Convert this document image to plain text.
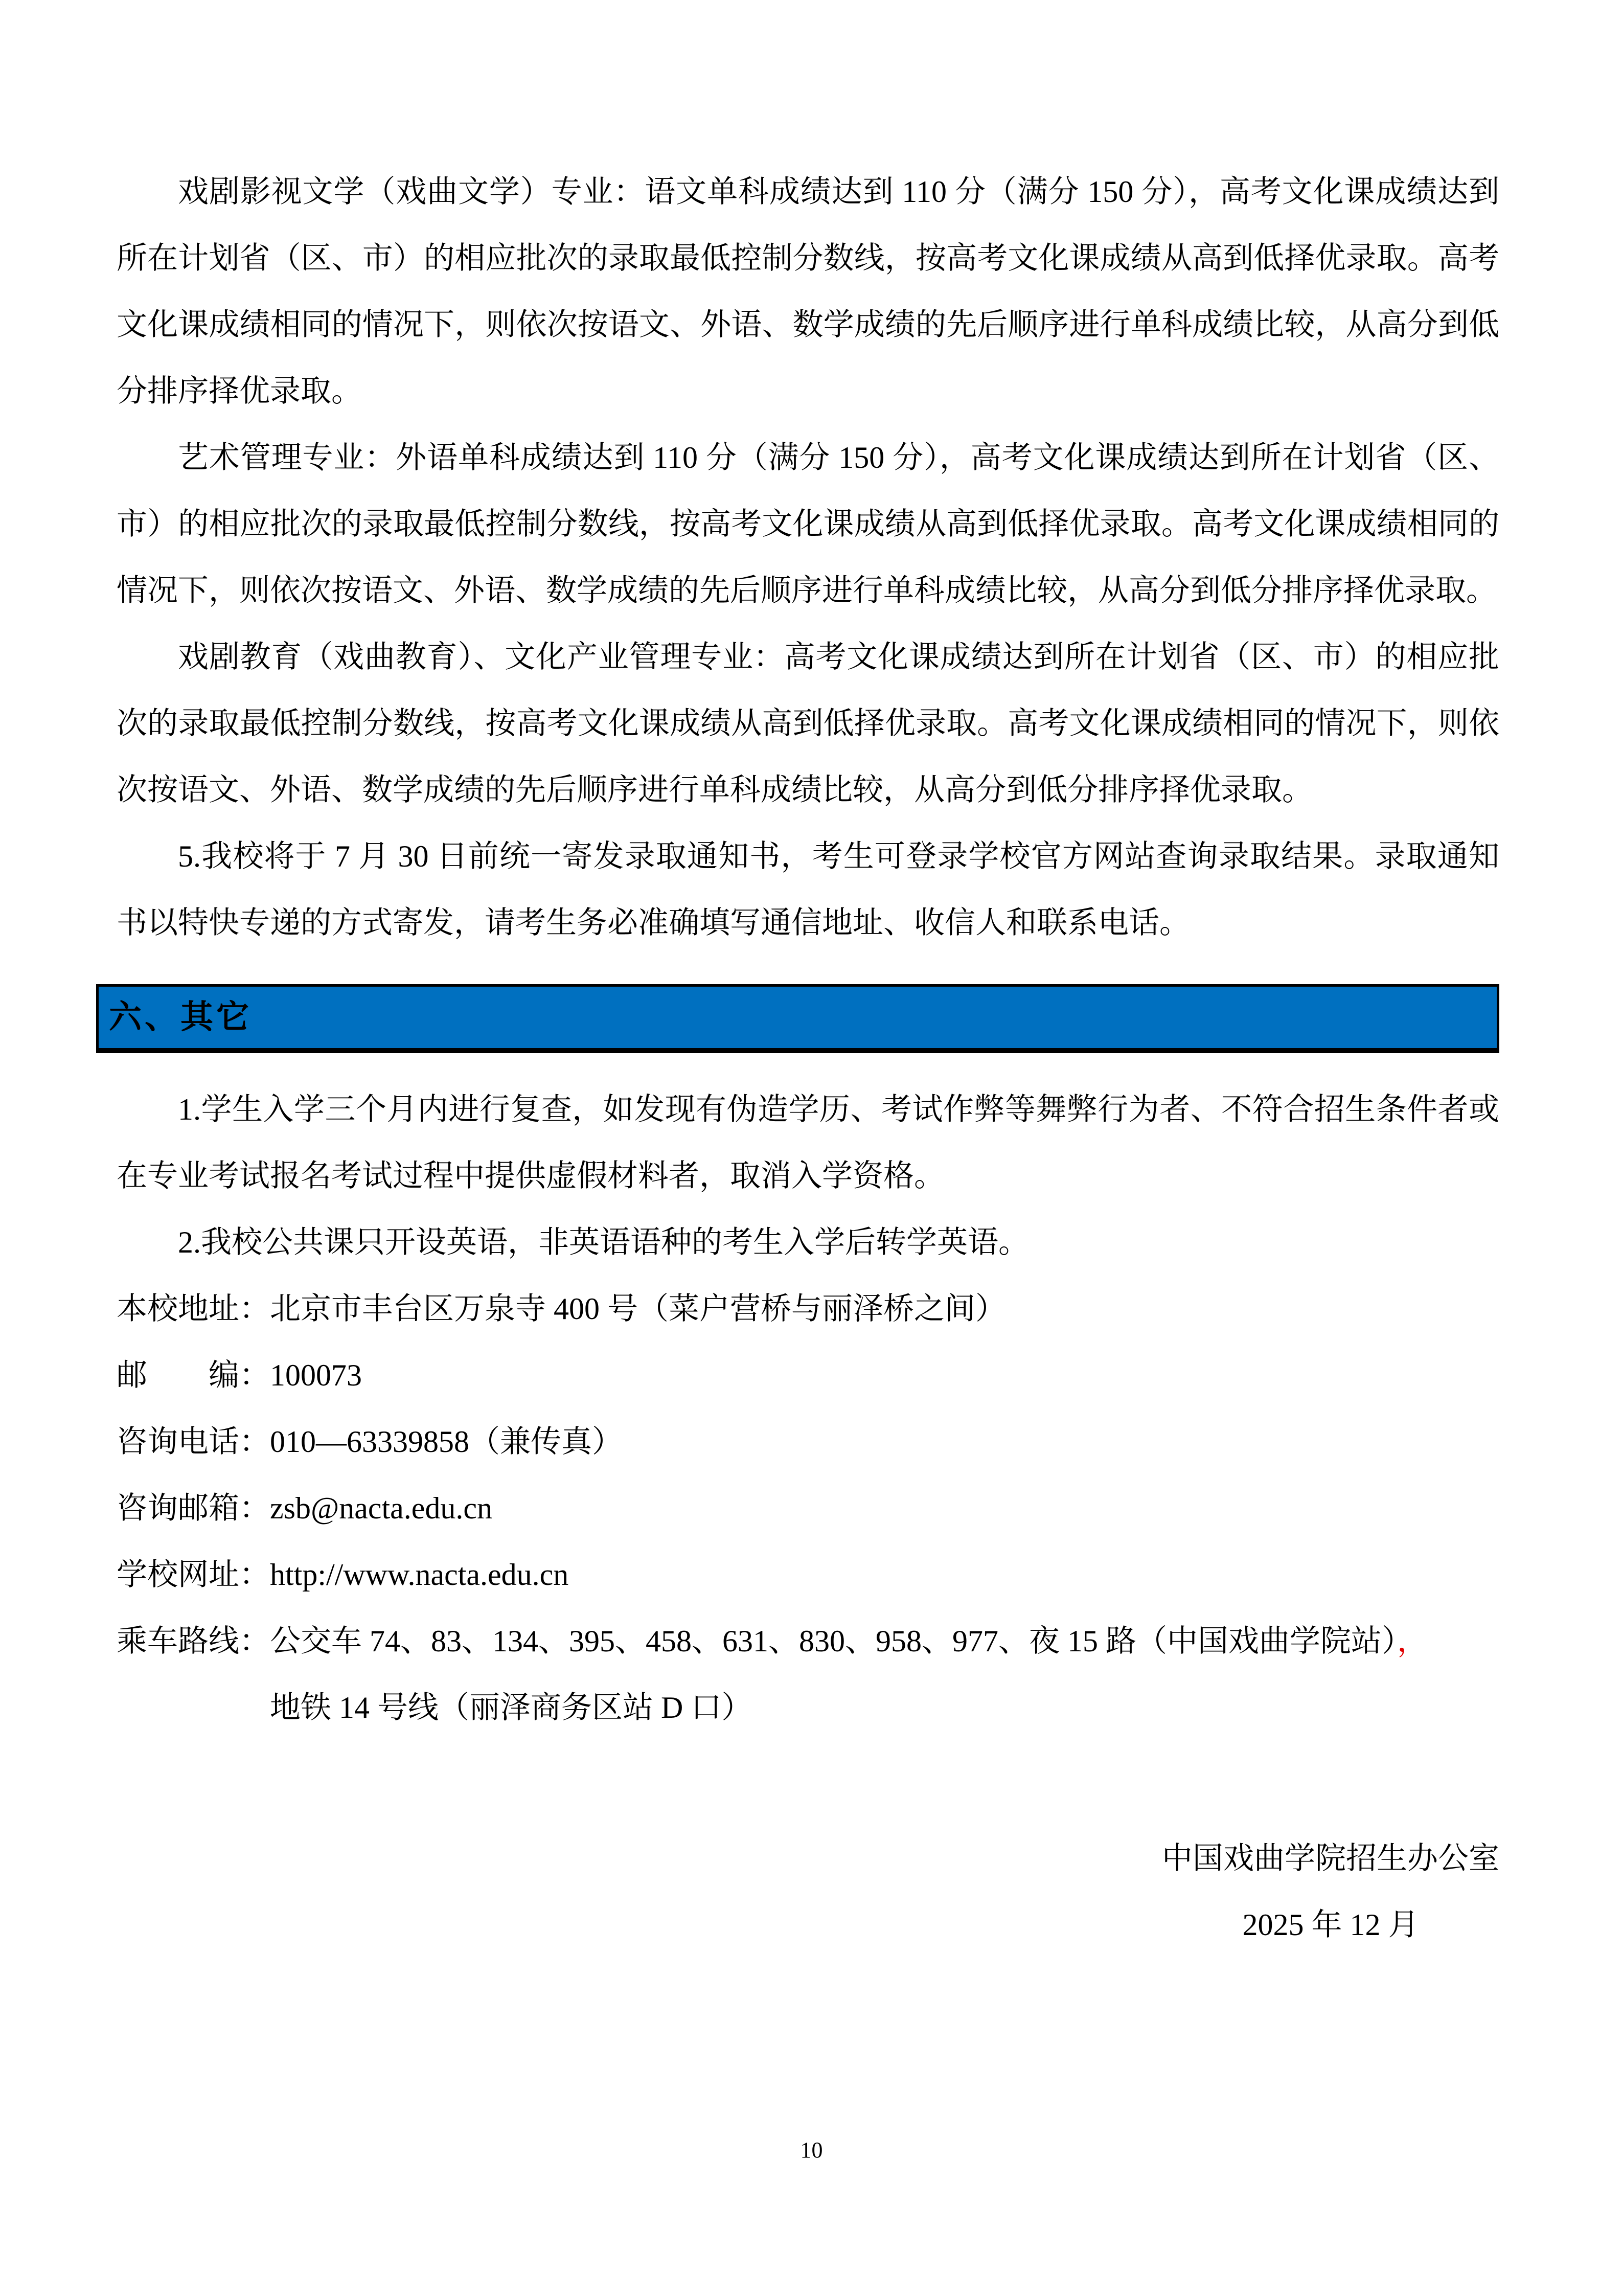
戏剧影视文学（戏曲文学）专业：语文单科成绩达到 110 分（满分 150 分），高考文化课成绩达到所在计划省（区、市）的相应批次的录取最低控制分数线，按高考文化课成绩从高到低择优录取。高考文化课成绩相同的情况下，则依次按语文、外语、数学成绩的先后顺序进行单科成绩比较，从高分到低分排序择优录取。

艺术管理专业：外语单科成绩达到 110 分（满分 150 分），高考文化课成绩达到所在计划省（区、市）的相应批次的录取最低控制分数线，按高考文化课成绩从高到低择优录取。高考文化课成绩相同的情况下，则依次按语文、外语、数学成绩的先后顺序进行单科成绩比较，从高分到低分排序择优录取。

戏剧教育（戏曲教育）、文化产业管理专业：高考文化课成绩达到所在计划省（区、市）的相应批次的录取最低控制分数线，按高考文化课成绩从高到低择优录取。高考文化课成绩相同的情况下，则依次按语文、外语、数学成绩的先后顺序进行单科成绩比较，从高分到低分排序择优录取。

5.我校将于 7 月 30 日前统一寄发录取通知书，考生可登录学校官方网站查询录取结果。录取通知书以特快专递的方式寄发，请考生务必准确填写通信地址、收信人和联系电话。

六、其它

1.学生入学三个月内进行复查，如发现有伪造学历、考试作弊等舞弊行为者、不符合招生条件者或在专业考试报名考试过程中提供虚假材料者，取消入学资格。

2.我校公共课只开设英语，非英语语种的考生入学后转学英语。

本校地址：北京市丰台区万泉寺 400 号（菜户营桥与丽泽桥之间）

邮　　编：100073

咨询电话：010—63339858（兼传真）

咨询邮箱：zsb@nacta.edu.cn

学校网址：http://www.nacta.edu.cn

乘车路线：公交车 74、83、134、395、458、631、830、958、977、夜 15 路（中国戏曲学院站），

地铁 14 号线（丽泽商务区站 D 口）

中国戏曲学院招生办公室

2025 年 12 月

10
